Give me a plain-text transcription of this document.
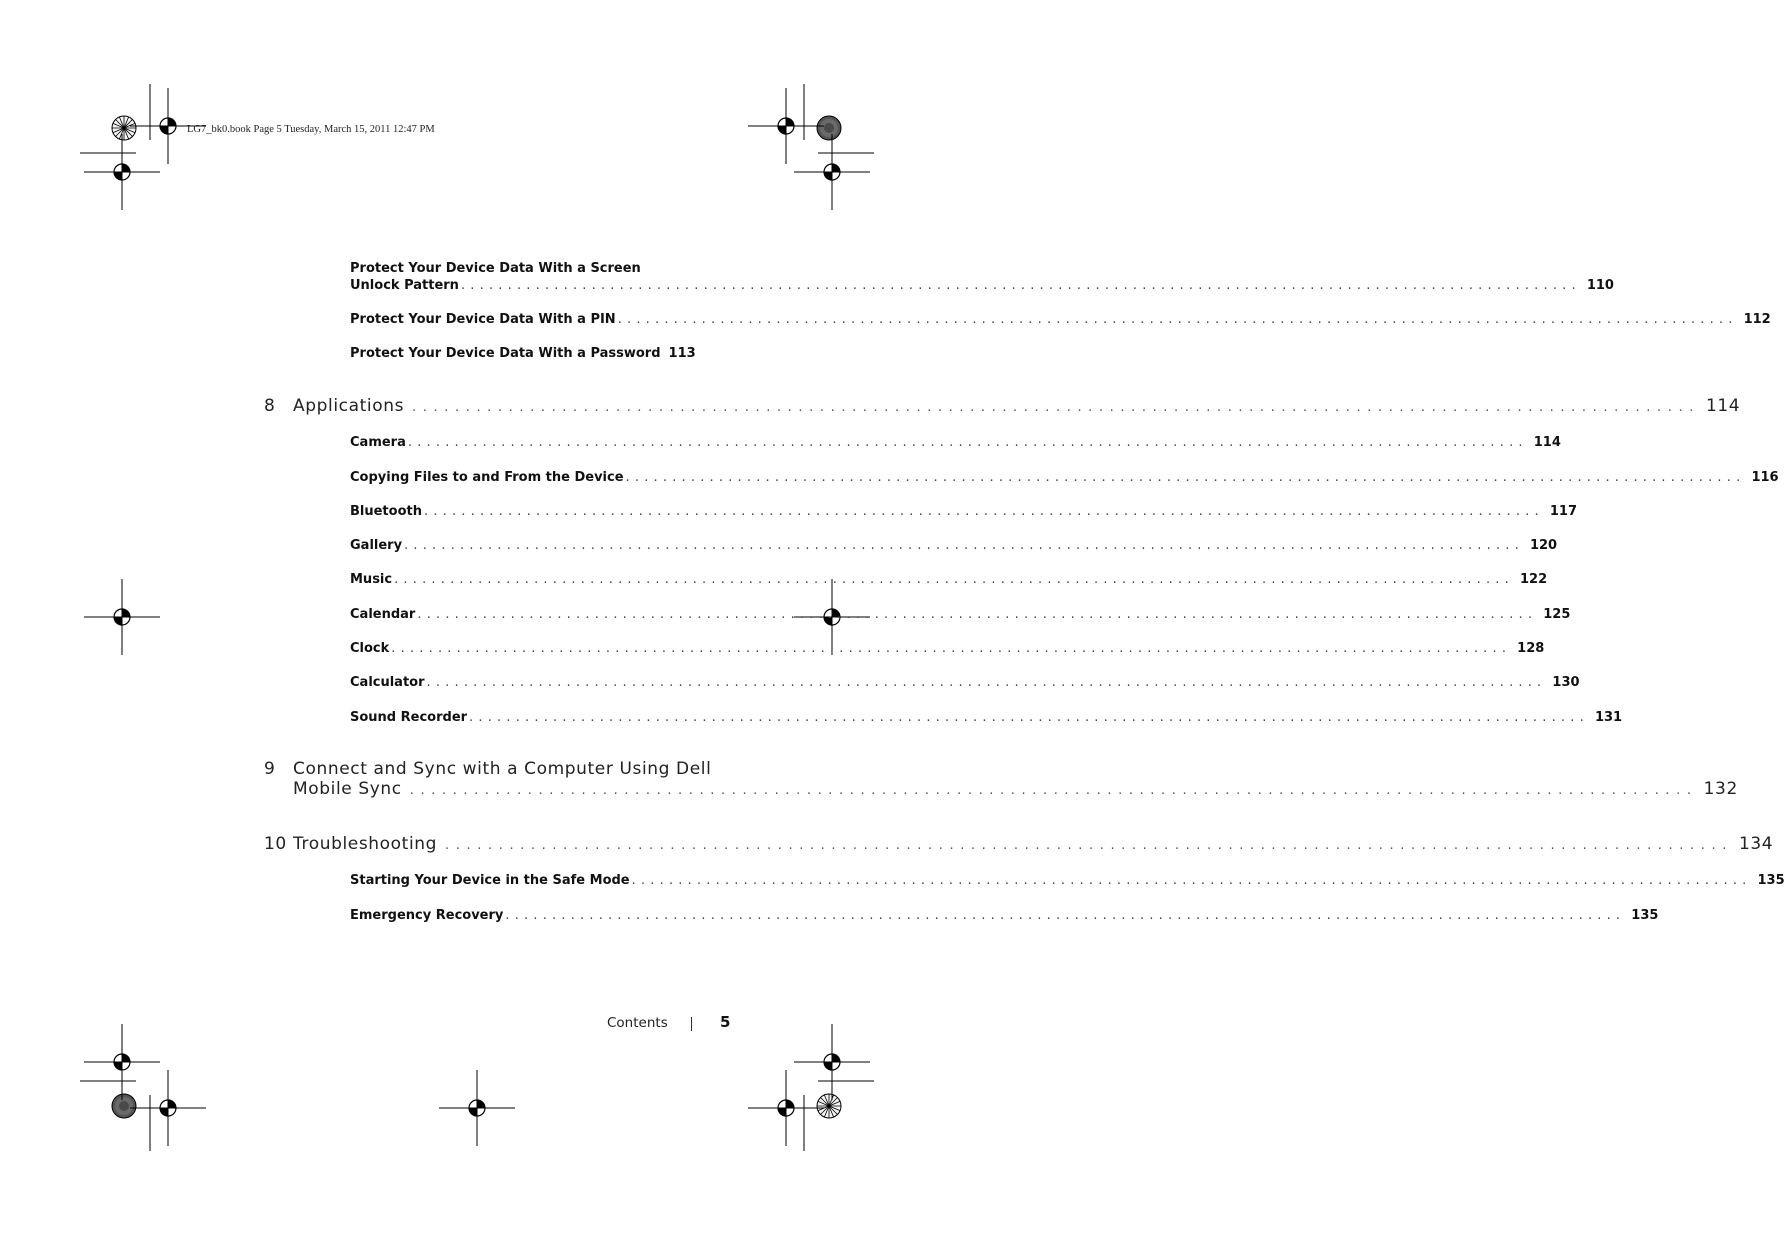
LG7_bk0.book Page 5 Tuesday, March 15, 2011 12:47 PM
Protect Your Device Data With a Screen
Unlock Pattern ........................................................................................................................ 110
Protect Your Device Data With a PIN ........................................................................................................................ 112
Protect Your Device Data With a Password 113
8 Applications ........................................................................................................................ 114
Camera ........................................................................................................................ 114
Copying Files to and From the Device ........................................................................................................................ 116
Bluetooth ........................................................................................................................ 117
Gallery ........................................................................................................................ 120
Music ........................................................................................................................ 122
Calendar ........................................................................................................................ 125
Clock ........................................................................................................................ 128
Calculator ........................................................................................................................ 130
Sound Recorder ........................................................................................................................ 131
9 Connect and Sync with a Computer Using Dell
Mobile Sync ........................................................................................................................ 132
10 Troubleshooting ........................................................................................................................ 134
Starting Your Device in the Safe Mode ........................................................................................................................ 135
Emergency Recovery ........................................................................................................................ 135
Contents	5
